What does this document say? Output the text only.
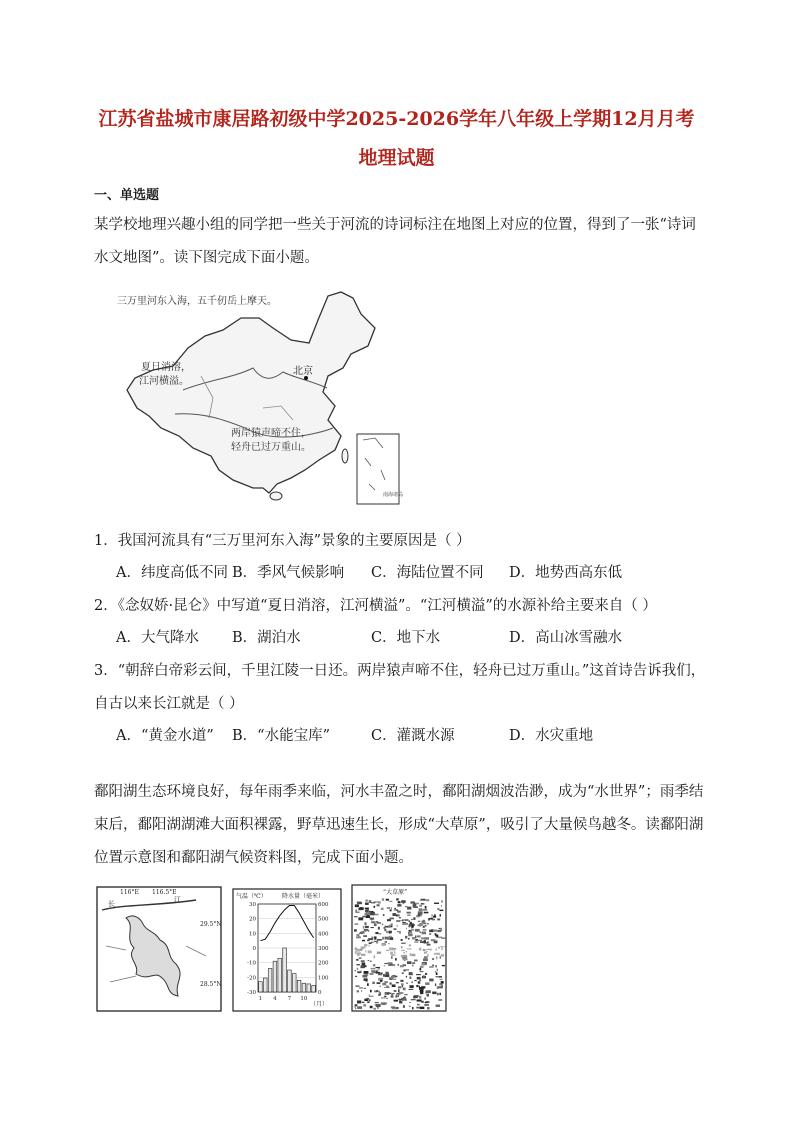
江苏省盐城市康居路初级中学2025-2026学年八年级上学期12月月考
地理试题
一、单选题
某学校地理兴趣小组的同学把一些关于河流的诗词标注在地图上对应的位置，得到了一张“诗词水文地图”。读下图完成下面小题。
北京
三万里河东入海，五千仞岳上摩天。
夏日消溶，
江河横溢。
两岸猿声啼不住，
轻舟已过万重山。
南海诸岛
1．我国河流具有“三万里河东入海”景象的主要原因是（ ）
A．纬度高低不同 B．季风气候影响 C．海陆位置不同 D．地势西高东低
2．《念奴娇·昆仑》中写道“夏日消溶，江河横溢”。“江河横溢”的水源补给主要来自（ ）
A．大气降水 B．湖泊水	C．地下水	D．高山冰雪融水
3．“朝辞白帝彩云间，千里江陵一日还。两岸猿声啼不住，轻舟已过万重山。”这首诗告诉我们，
自古以来长江就是（ ）
A．“黄金水道” B．“水能宝库”	C．灌溉水源	D．水灾重地
鄱阳湖生态环境良好，每年雨季来临，河水丰盈之时，鄱阳湖烟波浩渺，成为“水世界”；雨季结束后，鄱阳湖湖滩大面积裸露，野草迅速生长，形成“大草原”，吸引了大量候鸟越冬。读鄱阳湖位置示意图和鄱阳湖气候资料图，完成下面小题。
116°E 116.5°E
29.5°N
28.5°N
长	江	气温（℃）	降水量（毫米）
（月）
30
20
10
0
-10
-20
-30
600
500
400
300
200
100
0
1 4 7 10
“大草原”
